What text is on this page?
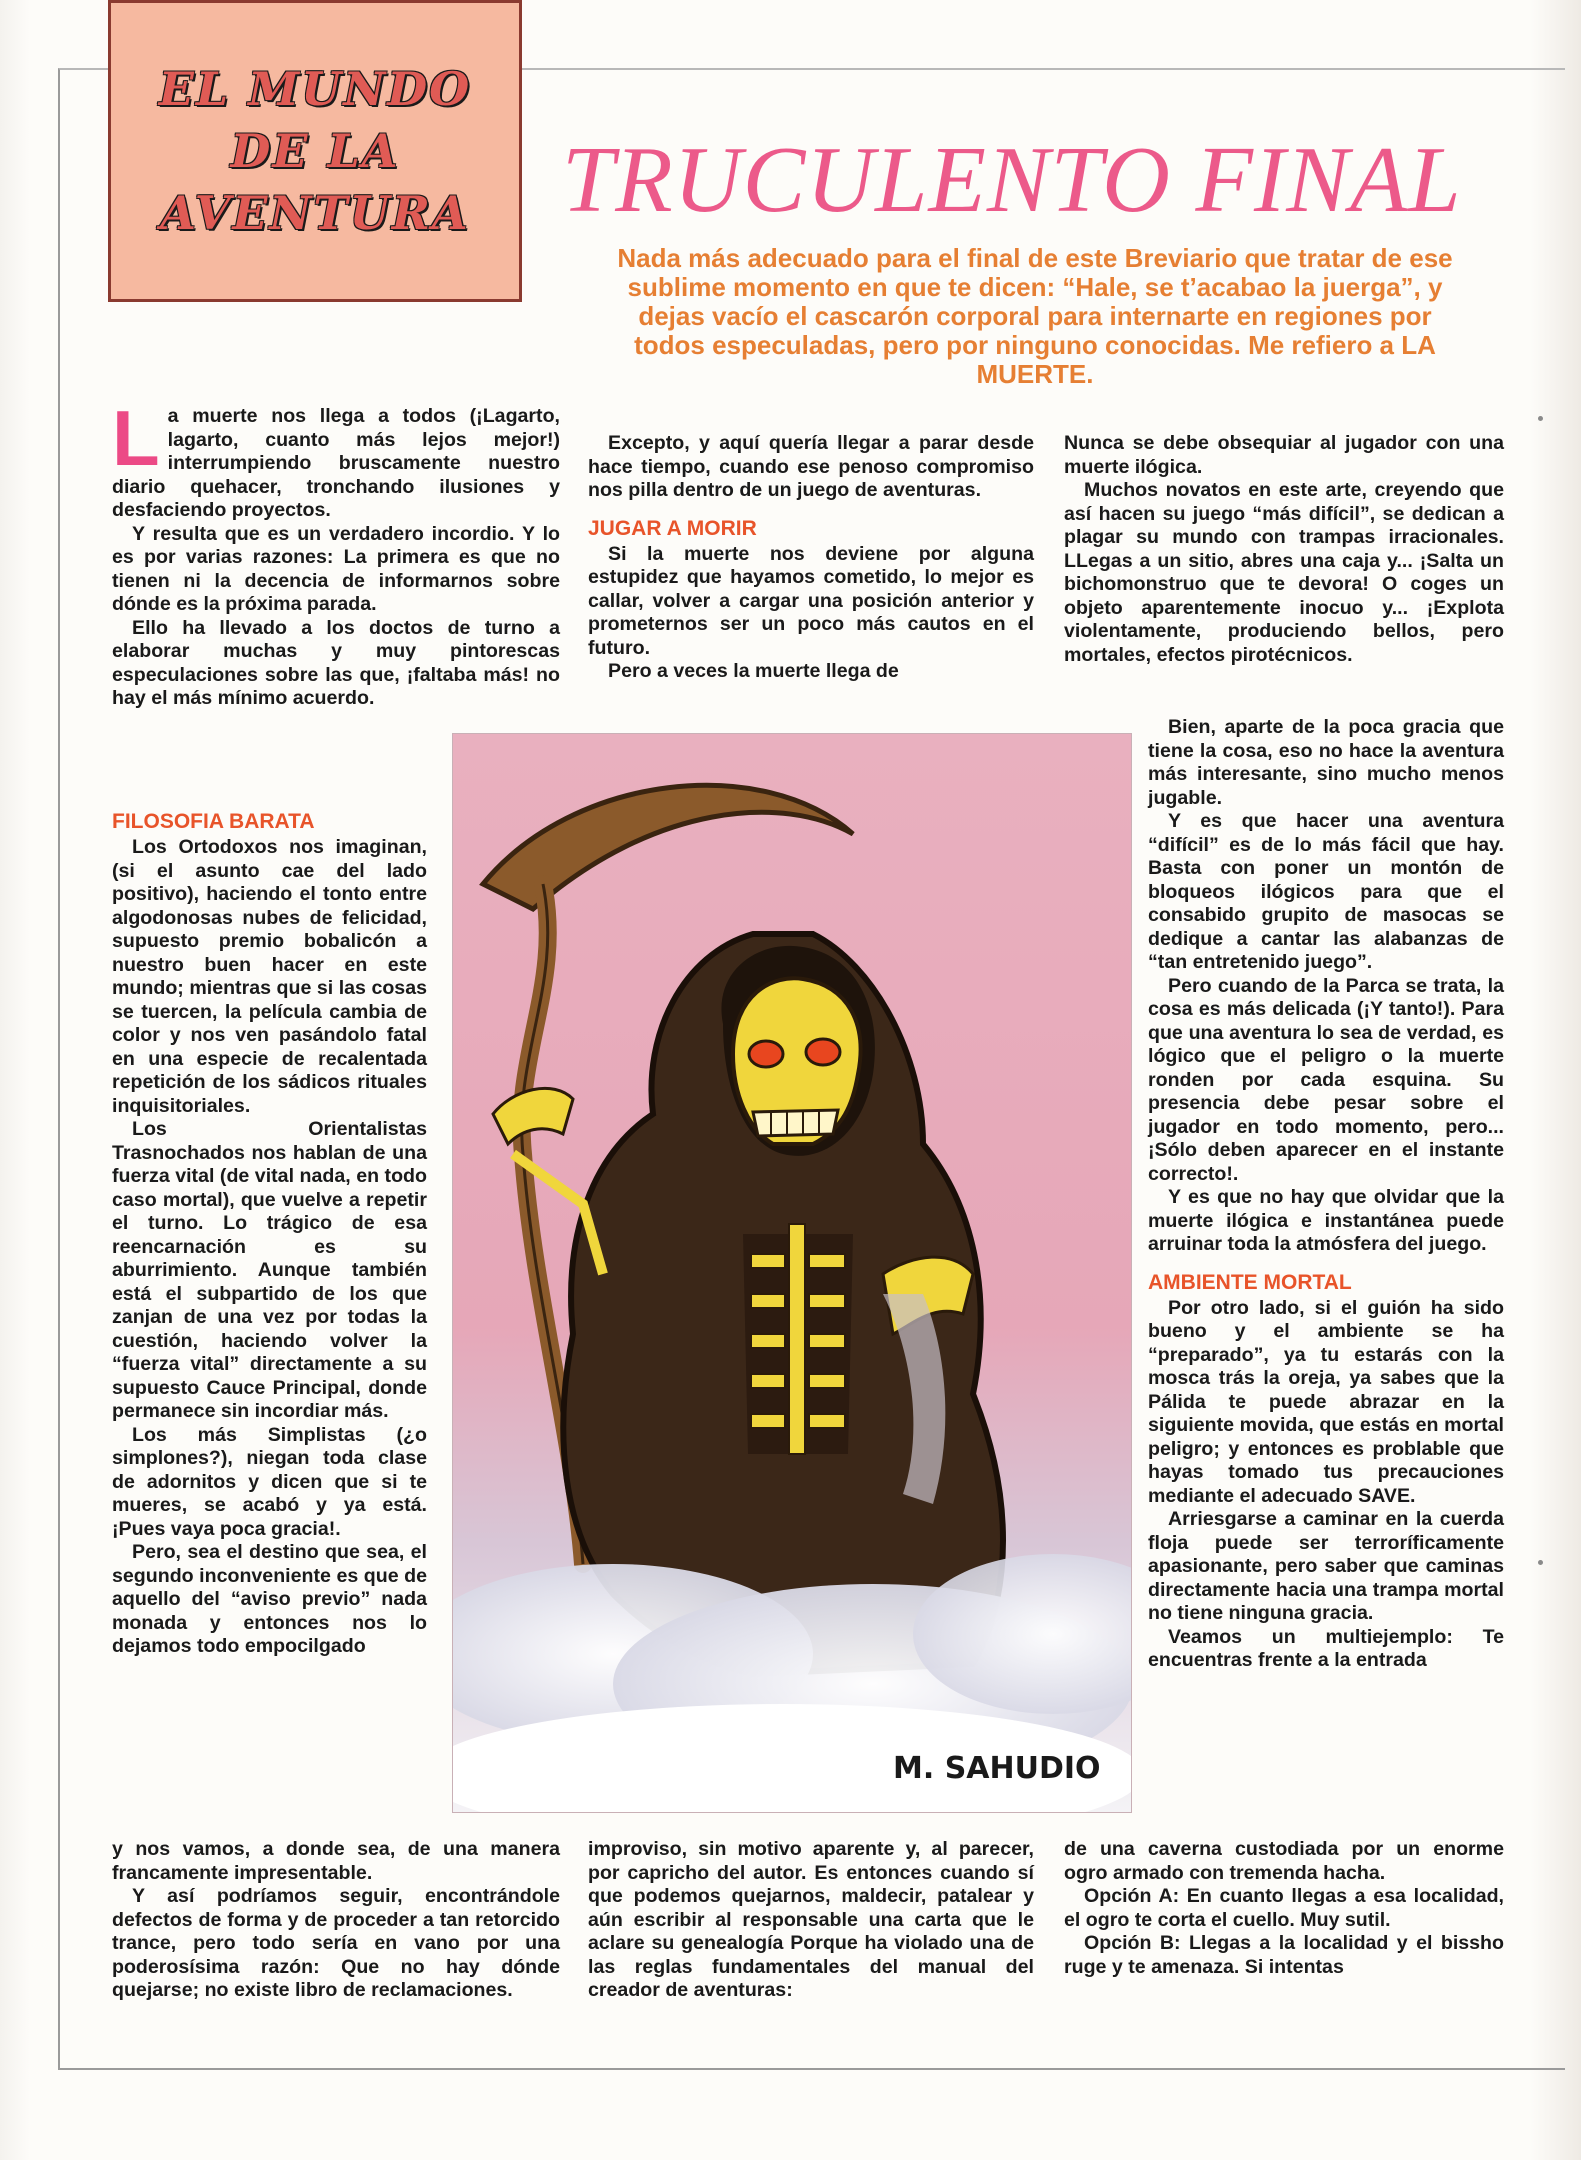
EL MUNDO
DE LA
AVENTURA TRUCULENTO FINAL
Nada más adecuado para el final de este Breviario que tratar de ese sublime momento en que te dicen: “Hale, se t’acabao la juerga”, y dejas vacío el cascarón corporal para internarte en regiones por todos especuladas, pero por ninguno conocidas. Me refiero a LA MUERTE.

La muerte nos llega a todos (¡Lagarto, lagarto, cuanto más lejos mejor!) interrumpiendo bruscamente nuestro diario quehacer, tronchando ilusiones y desfaciendo proyectos.

Y resulta que es un verdadero incordio. Y lo es por varias razones: La primera es que no tienen ni la decencia de informarnos sobre dónde es la próxima parada.

Ello ha llevado a los doctos de turno a elaborar muchas y muy pintorescas especulaciones sobre las que, ¡faltaba más! no hay el más mínimo acuerdo.

FILOSOFIA BARATA

Los Ortodoxos nos imaginan, (si el asunto cae del lado positivo), haciendo el tonto entre algodonosas nubes de felicidad, supuesto premio bobalicón a nuestro buen hacer en este mundo; mientras que si las cosas se tuercen, la película cambia de color y nos ven pasándolo fatal en una especie de recalentada repetición de los sádicos rituales inquisitoriales.

Los Orientalistas Trasnochados nos hablan de una fuerza vital (de vital nada, en todo caso mortal), que vuelve a repetir el turno. Lo trágico de esa reencarnación es su aburrimiento. Aunque también está el subpartido de los que zanjan de una vez por todas la cuestión, haciendo volver la “fuerza vital” directamente a su supuesto Cauce Principal, donde permanece sin incordiar más.

Los más Simplistas (¿o simplones?), niegan toda clase de adornitos y dicen que si te mueres, se acabó y ya está. ¡Pues vaya poca gracia!.

Pero, sea el destino que sea, el segundo inconveniente es que de aquello del “aviso previo” nada monada y entonces nos lo dejamos todo empocilgado

y nos vamos, a donde sea, de una manera francamente impresentable.

Y así podríamos seguir, encontrándole defectos de forma y de proceder a tan retorcido trance, pero todo sería en vano por una poderosísima razón: Que no hay dónde quejarse; no existe libro de reclamaciones.

Excepto, y aquí quería llegar a parar desde hace tiempo, cuando ese penoso compromiso nos pilla dentro de un juego de aventuras.

JUGAR A MORIR

Si la muerte nos deviene por alguna estupidez que hayamos cometido, lo mejor es callar, volver a cargar una posición anterior y prometernos ser un poco más cautos en el futuro.

Pero a veces la muerte llega de

improviso, sin motivo aparente y, al parecer, por capricho del autor. Es entonces cuando sí que podemos quejarnos, maldecir, patalear y aún escribir al responsable una carta que le aclare su genealogía Porque ha violado una de las reglas fundamentales del manual del creador de aventuras:

Nunca se debe obsequiar al jugador con una muerte ilógica.

Muchos novatos en este arte, creyendo que así hacen su juego “más difícil”, se dedican a plagar su mundo con trampas irracionales. LLegas a un sitio, abres una caja y... ¡Salta un bichomonstruo que te devora! O coges un objeto aparentemente inocuo y... ¡Explota violentamente, produciendo bellos, pero mortales, efectos pirotécnicos.

Bien, aparte de la poca gracia que tiene la cosa, eso no hace la aventura más interesante, sino mucho menos jugable.

Y es que hacer una aventura “difícil” es de lo más fácil que hay. Basta con poner un montón de bloqueos ilógicos para que el consabido grupito de masocas se dedique a cantar las alabanzas de “tan entretenido juego”.

Pero cuando de la Parca se trata, la cosa es más delicada (¡Y tanto!). Para que una aventura lo sea de verdad, es lógico que el peligro o la muerte ronden por cada esquina. Su presencia debe pesar sobre el jugador en todo momento, pero... ¡Sólo deben aparecer en el instante correcto!.

Y es que no hay que olvidar que la muerte ilógica e instantánea puede arruinar toda la atmósfera del juego.

AMBIENTE MORTAL

Por otro lado, si el guión ha sido bueno y el ambiente se ha “preparado”, ya tu estarás con la mosca trás la oreja, ya sabes que la Pálida te puede abrazar en la siguiente movida, que estás en mortal peligro; y entonces es problable que hayas tomado tus precauciones mediante el adecuado SAVE.

Arriesgarse a caminar en la cuerda floja puede ser terroríficamente apasionante, pero saber que caminas directamente hacia una trampa mortal no tiene ninguna gracia.

Veamos un multiejemplo: Te encuentras frente a la entrada

de una caverna custodiada por un enorme ogro armado con tremenda hacha.

Opción A: En cuanto llegas a esa localidad, el ogro te corta el cuello. Muy sutil.

Opción B: Llegas a la localidad y el bissho ruge y te amenaza. Si intentas

M. SAHUDIO
